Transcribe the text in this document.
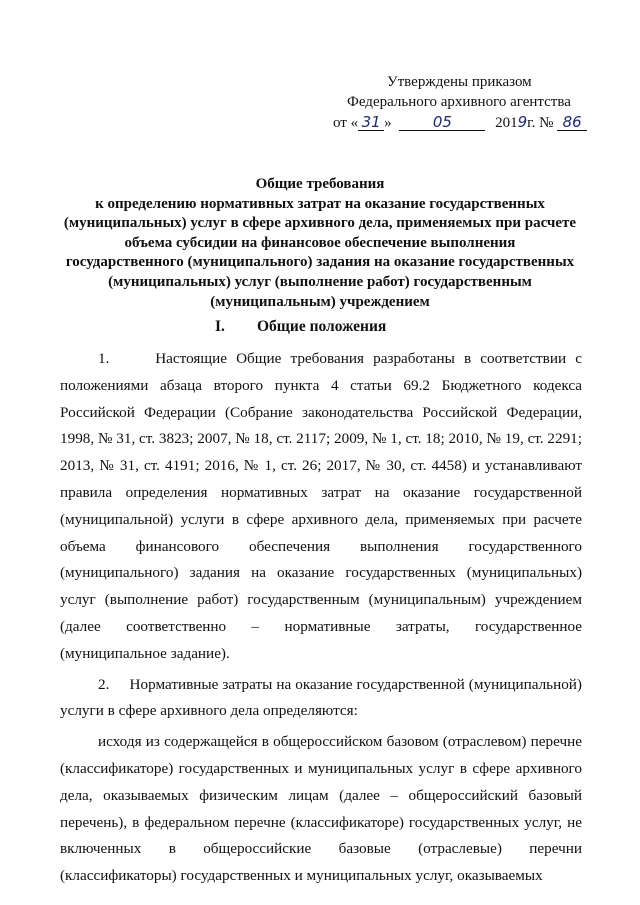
Утверждены приказом
Федерального архивного агентства
от « 31 »	05	2019г. № 86
Общие требования
к определению нормативных затрат на оказание государственных
(муниципальных) услуг в сфере архивного дела, применяемых при расчете
объема субсидии на финансовое обеспечение выполнения
государственного (муниципального) задания на оказание государственных
(муниципальных) услуг (выполнение работ) государственным
(муниципальным) учреждением
I. Общие положения

1.     Настоящие Общие требования разработаны в соответствии с положениями абзаца второго пункта 4 статьи 69.2 Бюджетного кодекса Российской Федерации (Собрание законодательства Российской Федерации, 1998, № 31, ст. 3823; 2007, № 18, ст. 2117; 2009, № 1, ст. 18; 2010, № 19, ст. 2291; 2013, № 31, ст. 4191; 2016, № 1, ст. 26; 2017, № 30, ст. 4458) и устанавливают правила определения нормативных затрат на оказание государственной (муниципальной) услуги в сфере архивного дела, применяемых при расчете объема финансового обеспечения выполнения государственного (муниципального) задания на оказание государственных (муниципальных) услуг (выполнение работ) государственным (муниципальным) учреждением (далее соответственно – нормативные затраты, государственное (муниципальное задание).

2.     Нормативные затраты на оказание государственной (муниципальной) услуги в сфере архивного дела определяются:

исходя из содержащейся в общероссийском базовом (отраслевом) перечне (классификаторе) государственных и муниципальных услуг в сфере архивного дела, оказываемых физическим лицам (далее – общероссийский базовый перечень), в федеральном перечне (классификаторе) государственных услуг, не включенных в общероссийские базовые (отраслевые) перечни (классификаторы) государственных и муниципальных услуг, оказываемых
